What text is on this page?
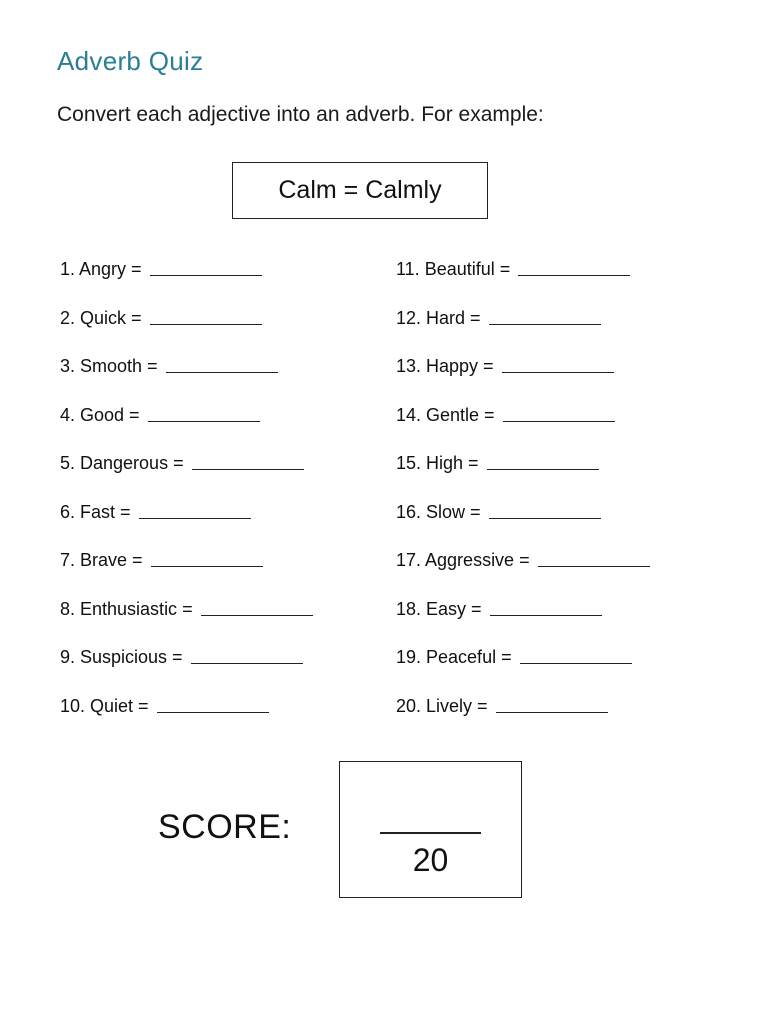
Adverb Quiz
Convert each adjective into an adverb. For example:
Calm = Calmly
1. Angry =
2. Quick =
3. Smooth =
4. Good =
5. Dangerous =
6. Fast =
7. Brave =
8. Enthusiastic =
9. Suspicious =
10. Quiet =
11. Beautiful =
12. Hard =
13. Happy =
14. Gentle =
15. High =
16. Slow =
17. Aggressive =
18. Easy =
19. Peaceful =
20. Lively =
SCORE:
20
